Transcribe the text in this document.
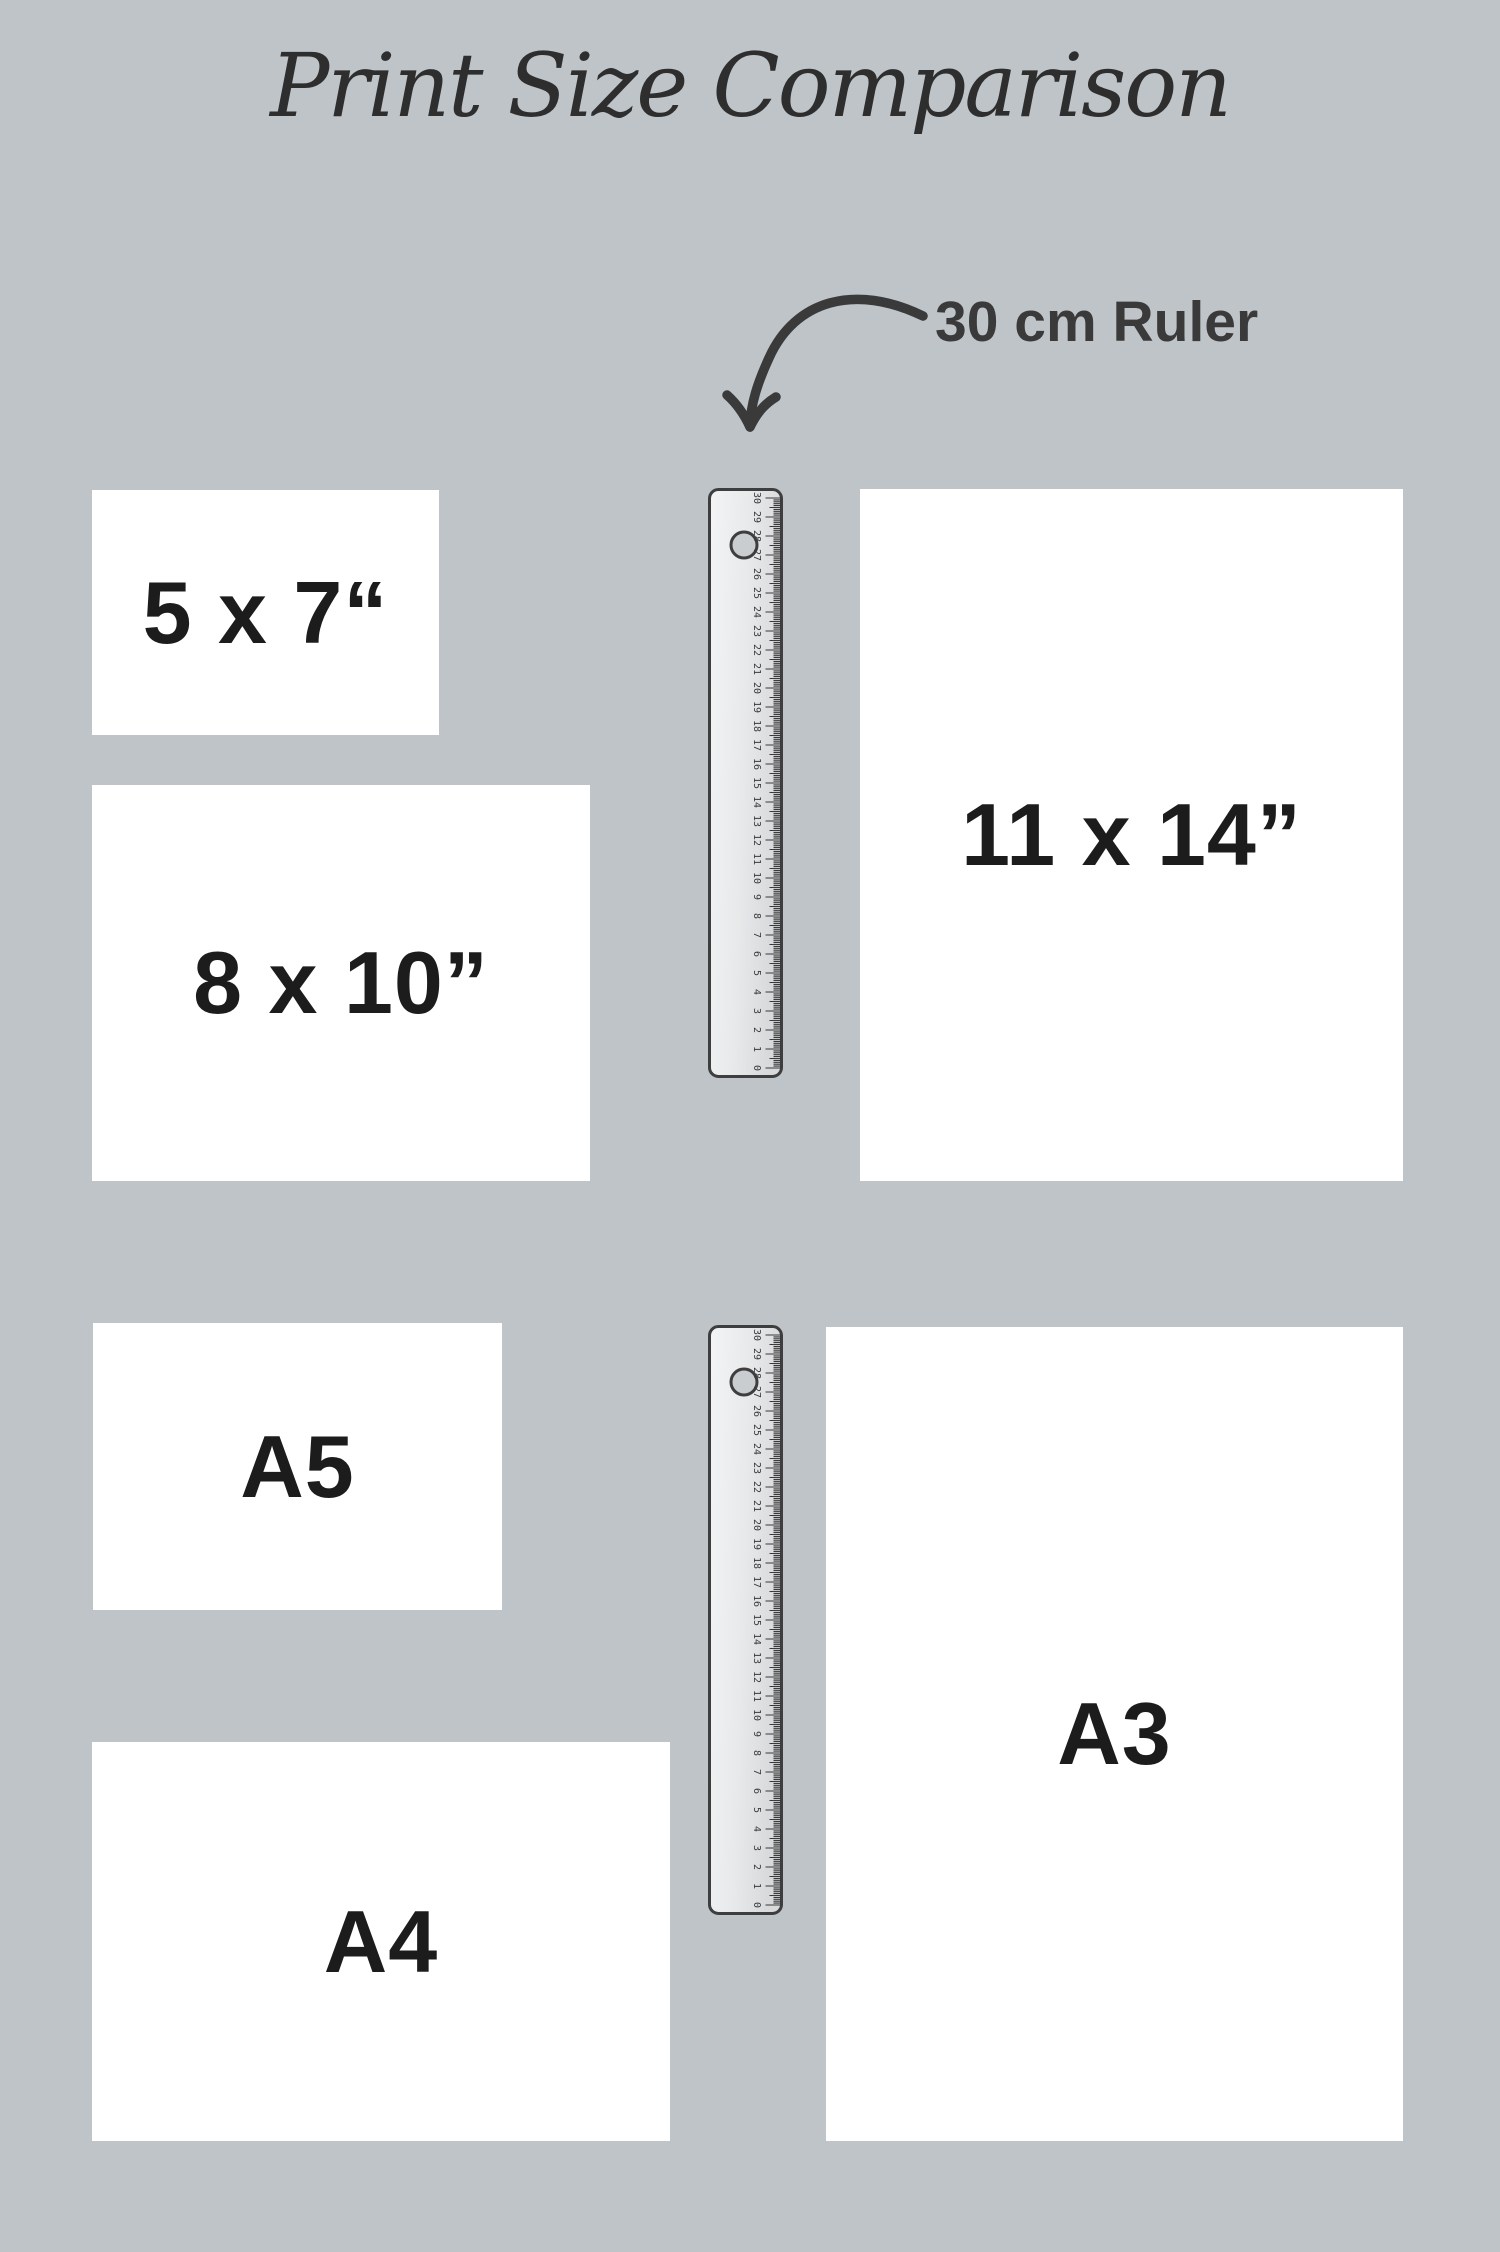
Print Size Comparison
30 cm Ruler
5 x 7“
8 x 10”
11 x 14”
A5
A4
A3
0
1
2
3
4
5
6
7
8
9
10
11
12
13
14
15
16
17
18
19
20
21
22
23
24
25
26
27
28
29
30
0
1
2
3
4
5
6
7
8
9
10
11
12
13
14
15
16
17
18
19
20
21
22
23
24
25
26
27
28
29
30
